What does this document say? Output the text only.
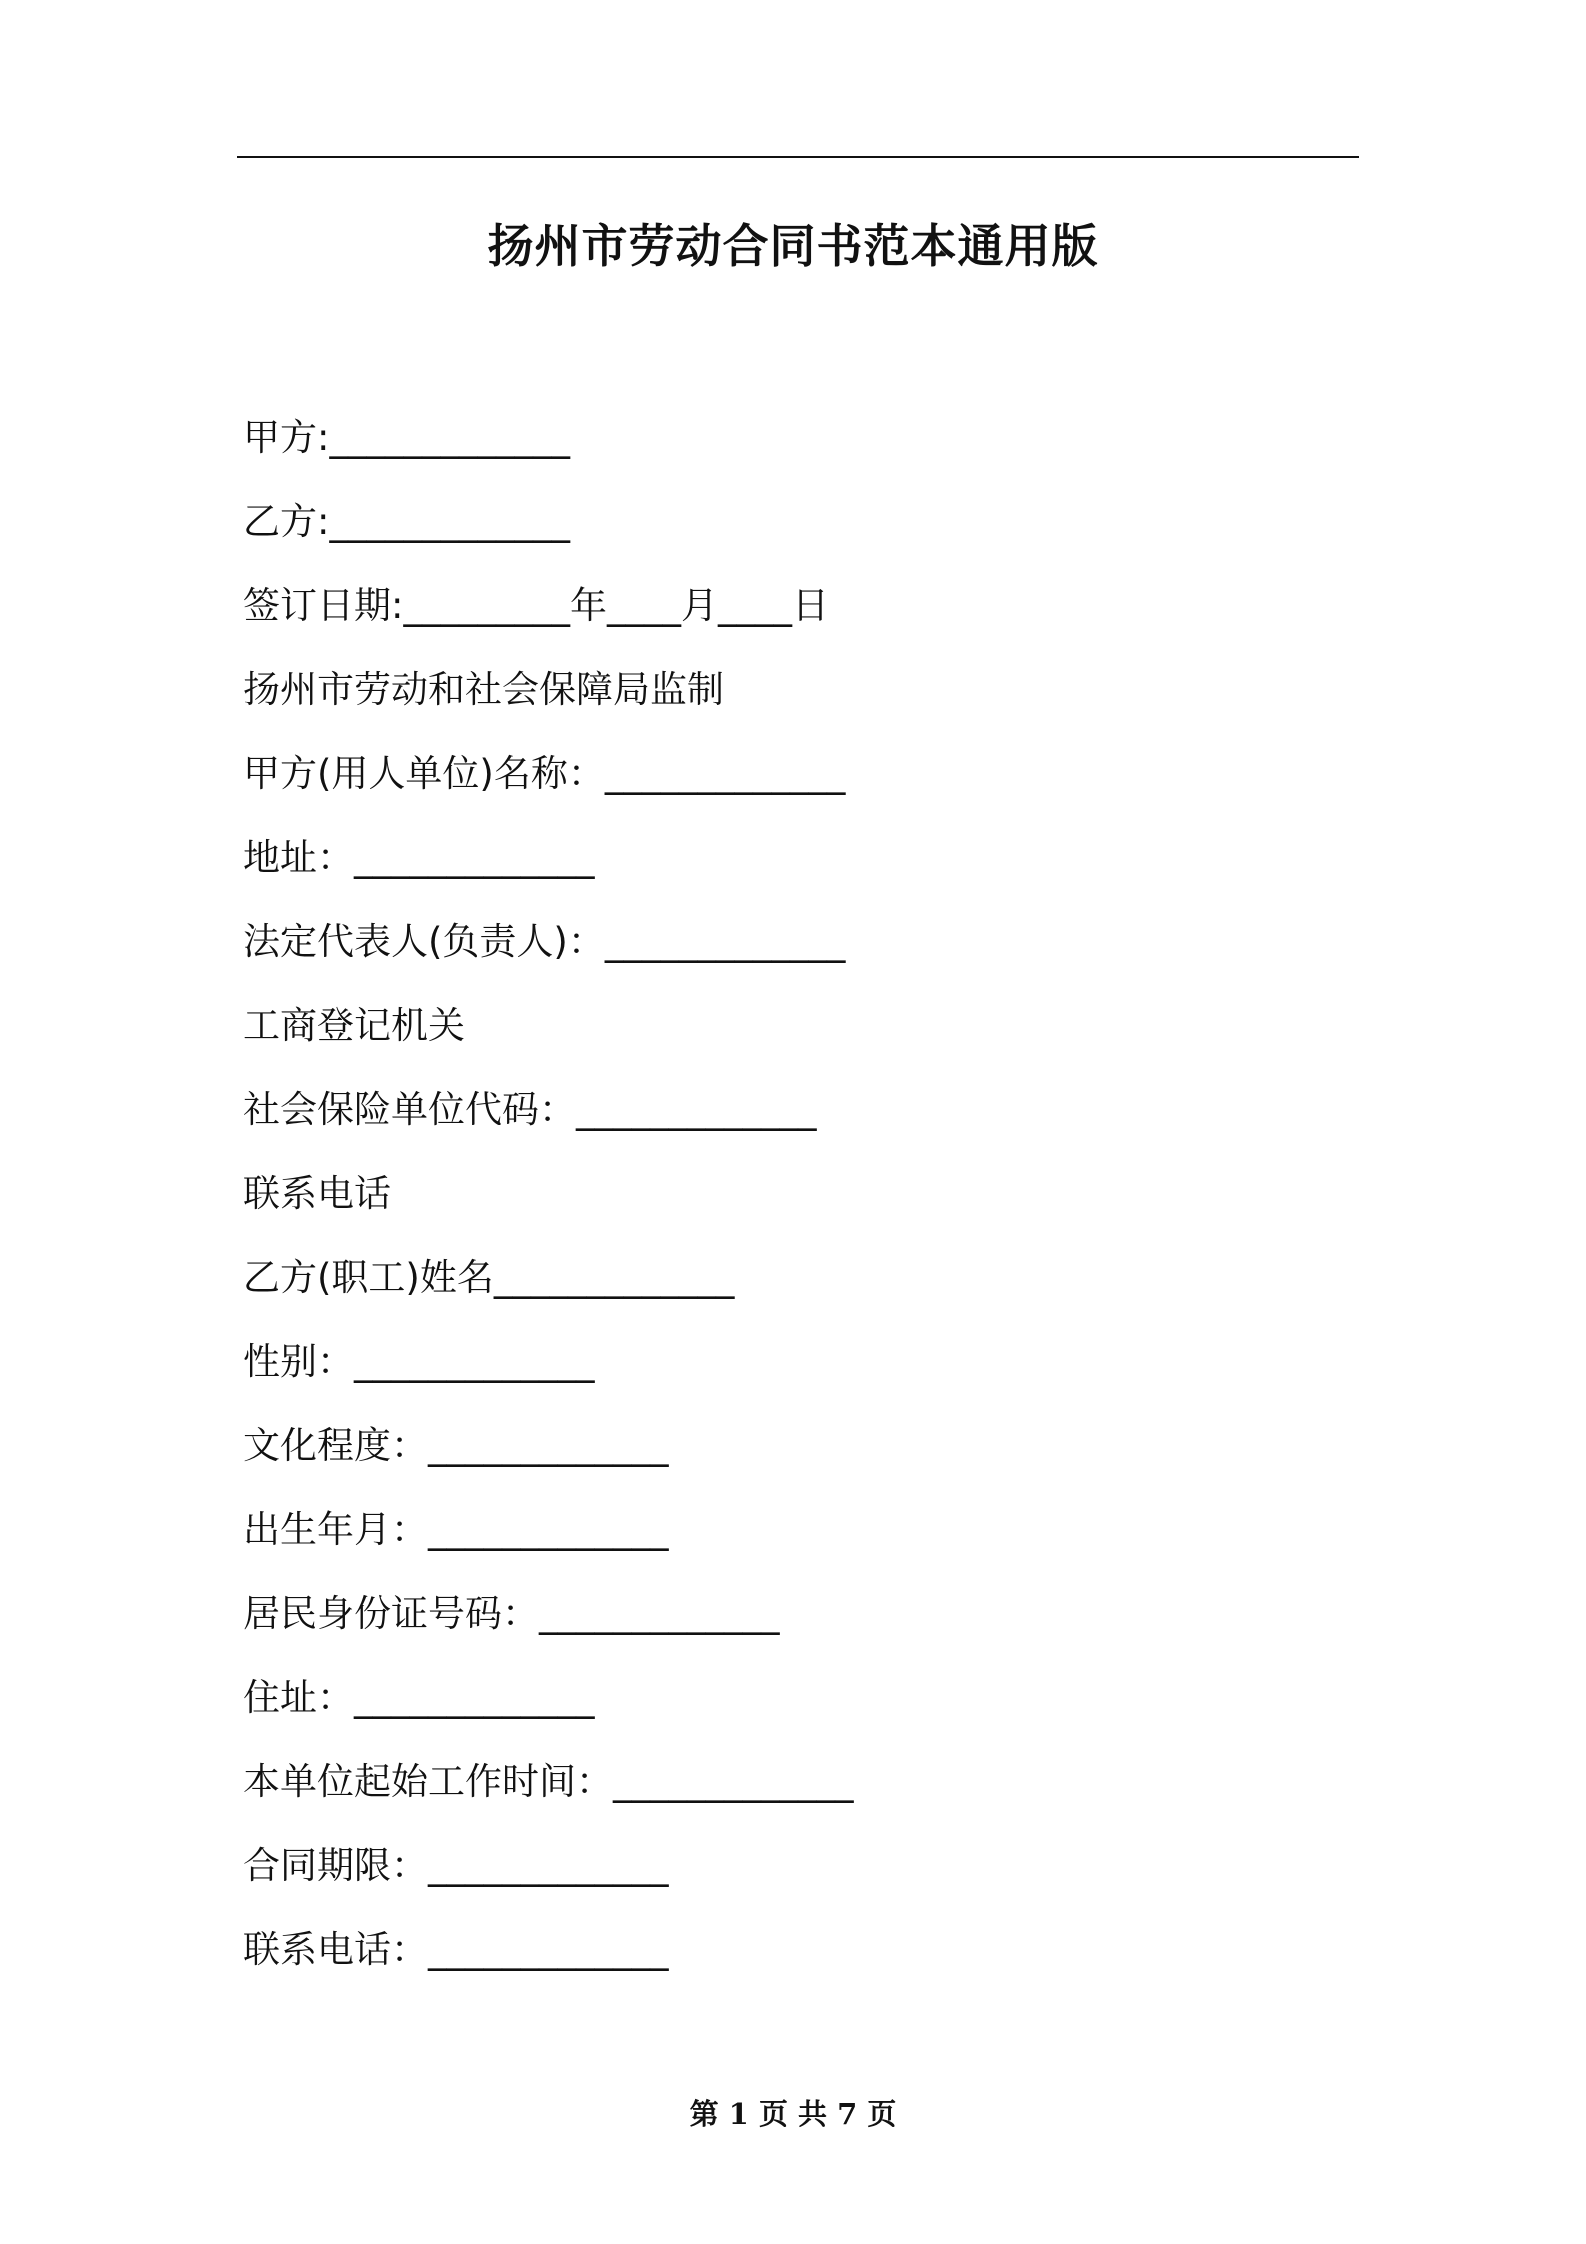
扬州市劳动合同书范本通用版
甲方:_____________
乙方:_____________
签订日期:_________年____月____日
扬州市劳动和社会保障局监制
甲方(用人单位)名称：_____________
地址：_____________
法定代表人(负责人)：_____________
工商登记机关
社会保险单位代码：_____________
联系电话
乙方(职工)姓名_____________
性别：_____________
文化程度：_____________
出生年月：_____________
居民身份证号码：_____________
住址：_____________
本单位起始工作时间：_____________
合同期限：_____________
联系电话：_____________
第 1 页 共 7 页
